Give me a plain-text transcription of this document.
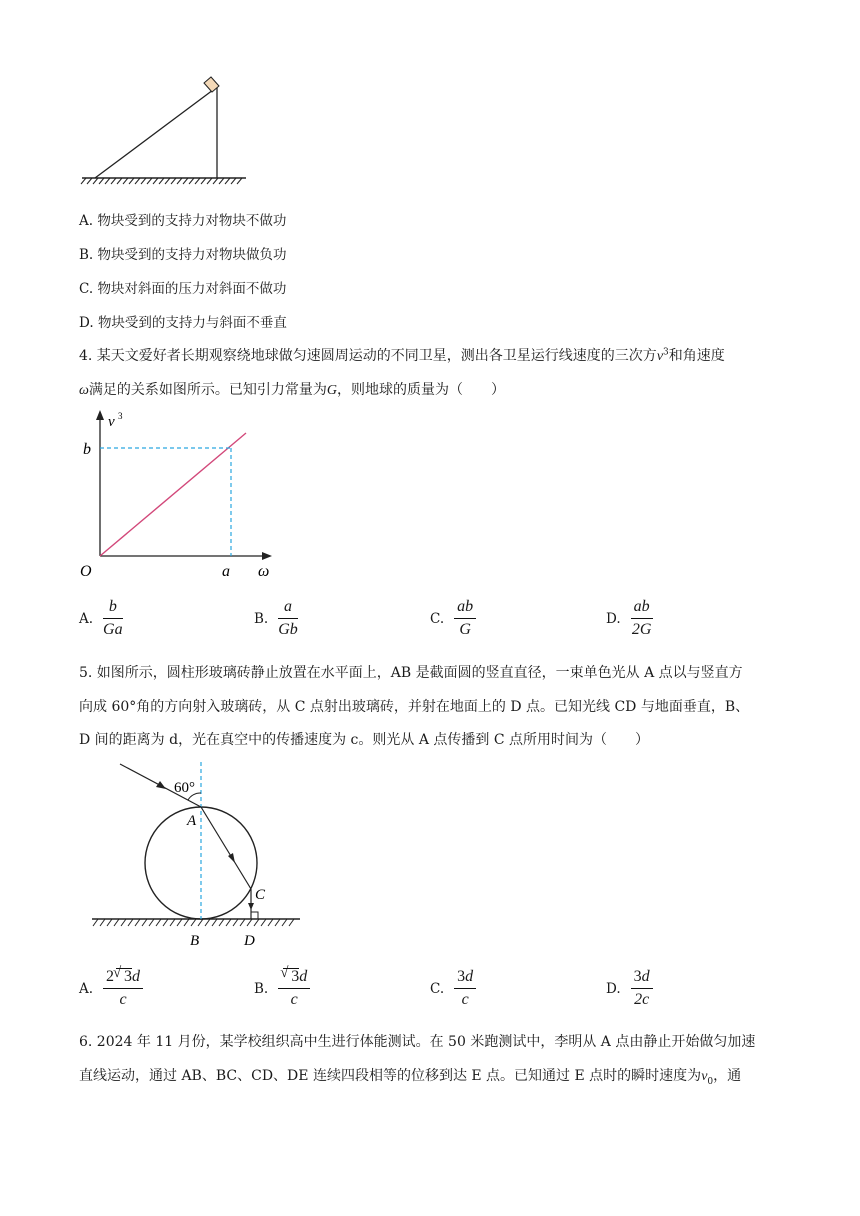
A. 物块受到的支持力对物块不做功
B. 物块受到的支持力对物块做负功
C. 物块对斜面的压力对斜面不做功
D. 物块受到的支持力与斜面不垂直
4. 某天文爱好者长期观察绕地球做匀速圆周运动的不同卫星，测出各卫星运行线速度的三次方$v^3$和角速度
ω满足的关系如图所示。已知引力常量为G，则地球的质量为（　　）
v 3
b
O	a ω
A. $\frac{b}{Ga}$	B. $\frac{a}{Gb}$	C. $\frac{ab}{G}$	D. $\frac{ab}{2G}$
5. 如图所示，圆柱形玻璃砖静止放置在水平面上，AB 是截面圆的竖直直径，一束单色光从 A 点以与竖直方
向成 60°角的方向射入玻璃砖，从 C 点射出玻璃砖，并射在地面上的 D 点。已知光线 CD 与地面垂直，B、
D 间的距离为 d，光在真空中的传播速度为 c。则光从 A 点传播到 C 点所用时间为（　　）
60°
A
C
B	D
A. $\frac{2 √ 3d}{c}$	B. √ $\frac{3d}{c}$	C. $\frac{3d}{c}$	D. $\frac{3d}{2c}$
6. 2024 年 11 月份，某学校组织高中生进行体能测试。在 50 米跑测试中，李明从 A 点由静止开始做匀加速
直线运动，通过 AB、BC、CD、DE 连续四段相等的位移到达 E 点。已知通过 E 点时的瞬时速度为$v_0$，通
